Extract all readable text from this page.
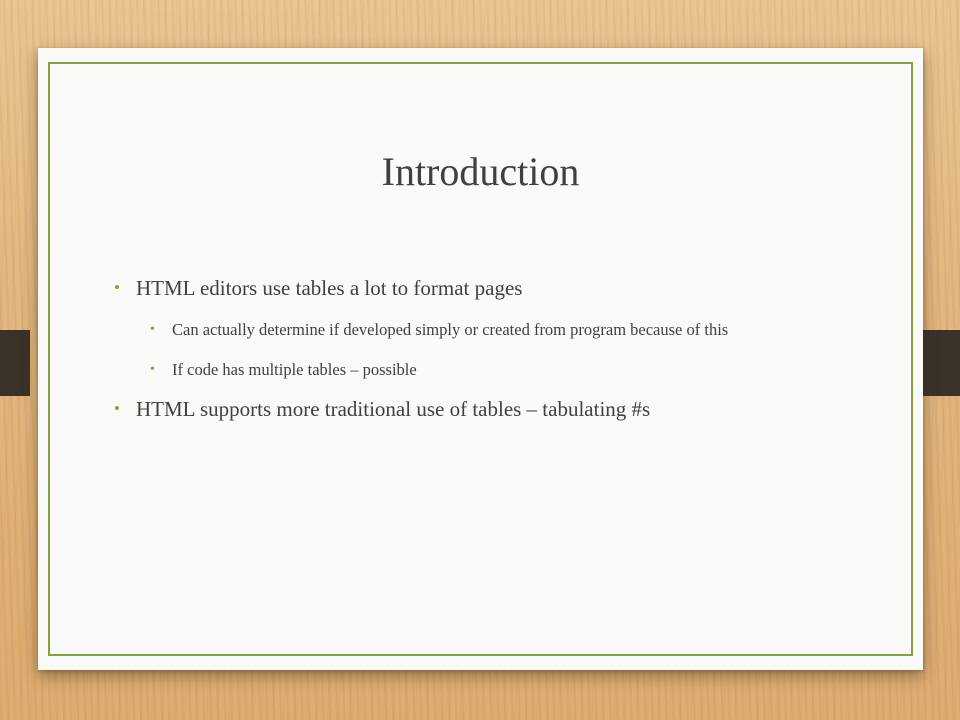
Introduction

• HTML editors use tables a lot to format pages

• Can actually determine if developed simply or created from program because of this

• If code has multiple tables – possible

• HTML supports more traditional use of tables – tabulating #s
